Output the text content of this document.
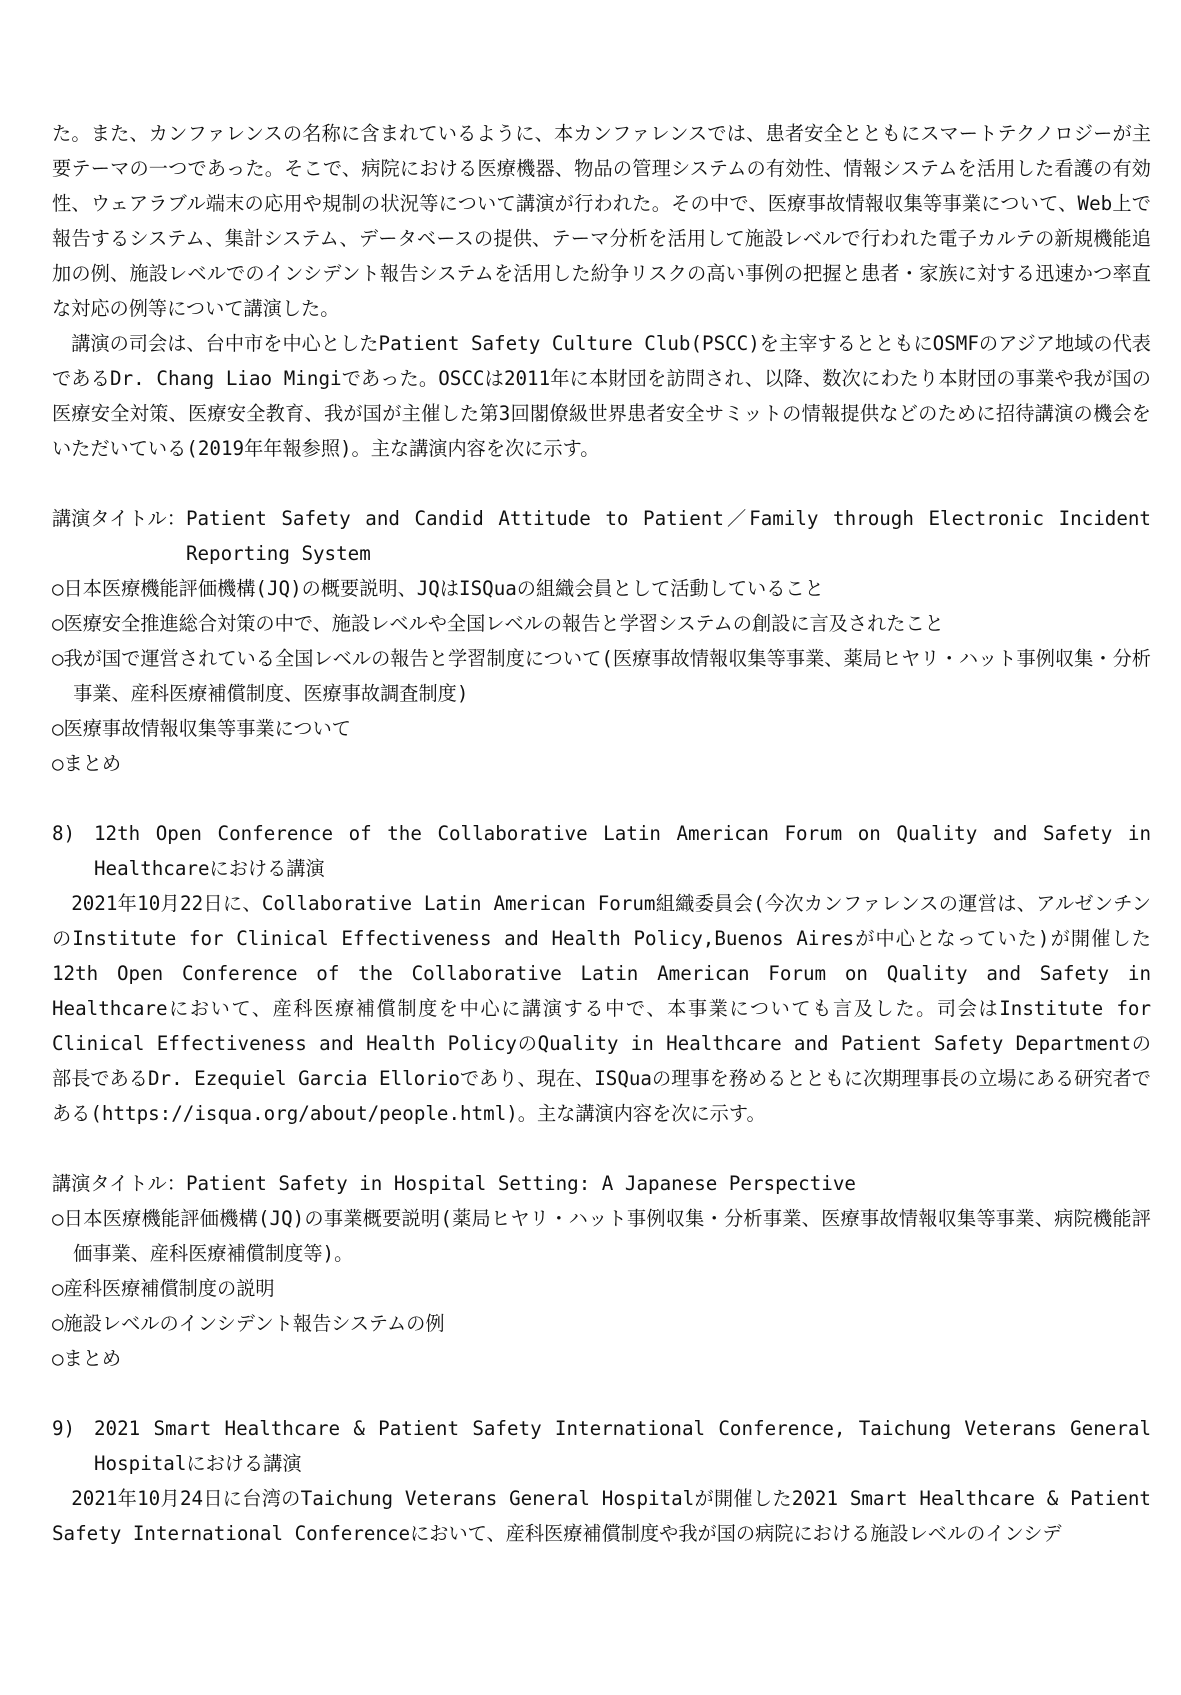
た。また、カンファレンスの名称に含まれているように、本カンファレンスでは、患者安全とともにスマートテクノロジーが主要テーマの一つであった。そこで、病院における医療機器、物品の管理システムの有効性、情報システムを活用した看護の有効性、ウェアラブル端末の応用や規制の状況等について講演が行われた。その中で、医療事故情報収集等事業について、Web上で報告するシステム、集計システム、データベースの提供、テーマ分析を活用して施設レベルで行われた電子カルテの新規機能追加の例、施設レベルでのインシデント報告システムを活用した紛争リスクの高い事例の把握と患者・家族に対する迅速かつ率直な対応の例等について講演した。

講演の司会は、台中市を中心としたPatient Safety Culture Club(PSCC)を主宰するとともにOSMFのアジア地域の代表であるDr. Chang Liao Mingiであった。OSCCは2011年に本財団を訪問され、以降、数次にわたり本財団の事業や我が国の医療安全対策、医療安全教育、我が国が主催した第3回閣僚級世界患者安全サミットの情報提供などのために招待講演の機会をいただいている(2019年年報参照)。主な講演内容を次に示す。

講演タイトル： Patient Safety and Candid Attitude to Patient／Family through Electronic Incident Reporting System

○日本医療機能評価機構(JQ)の概要説明、JQはISQuaの組織会員として活動していること

○医療安全推進総合対策の中で、施設レベルや全国レベルの報告と学習システムの創設に言及されたこと

○我が国で運営されている全国レベルの報告と学習制度について(医療事故情報収集等事業、薬局ヒヤリ・ハット事例収集・分析事業、産科医療補償制度、医療事故調査制度)

○医療事故情報収集等事業について

○まとめ

8) 12th Open Conference of the Collaborative Latin American Forum on Quality and Safety in Healthcareにおける講演

2021年10月22日に、Collaborative Latin American Forum組織委員会(今次カンファレンスの運営は、アルゼンチンのInstitute for Clinical Effectiveness and Health Policy,Buenos Airesが中心となっていた)が開催した12th Open Conference of the Collaborative Latin American Forum on Quality and Safety in Healthcareにおいて、産科医療補償制度を中心に講演する中で、本事業についても言及した。司会はInstitute for Clinical Effectiveness and Health PolicyのQuality in Healthcare and Patient Safety Departmentの部長であるDr. Ezequiel Garcia Ellorioであり、現在、ISQuaの理事を務めるとともに次期理事長の立場にある研究者である(https://isqua.org/about/people.html)。主な講演内容を次に示す。

講演タイトル： Patient Safety in Hospital Setting: A Japanese Perspective

○日本医療機能評価機構(JQ)の事業概要説明(薬局ヒヤリ・ハット事例収集・分析事業、医療事故情報収集等事業、病院機能評価事業、産科医療補償制度等)。

○産科医療補償制度の説明

○施設レベルのインシデント報告システムの例

○まとめ

9) 2021 Smart Healthcare & Patient Safety International Conference, Taichung Veterans General Hospitalにおける講演

2021年10月24日に台湾のTaichung Veterans General Hospitalが開催した2021 Smart Healthcare & Patient Safety International Conferenceにおいて、産科医療補償制度や我が国の病院における施設レベルのインシデ
